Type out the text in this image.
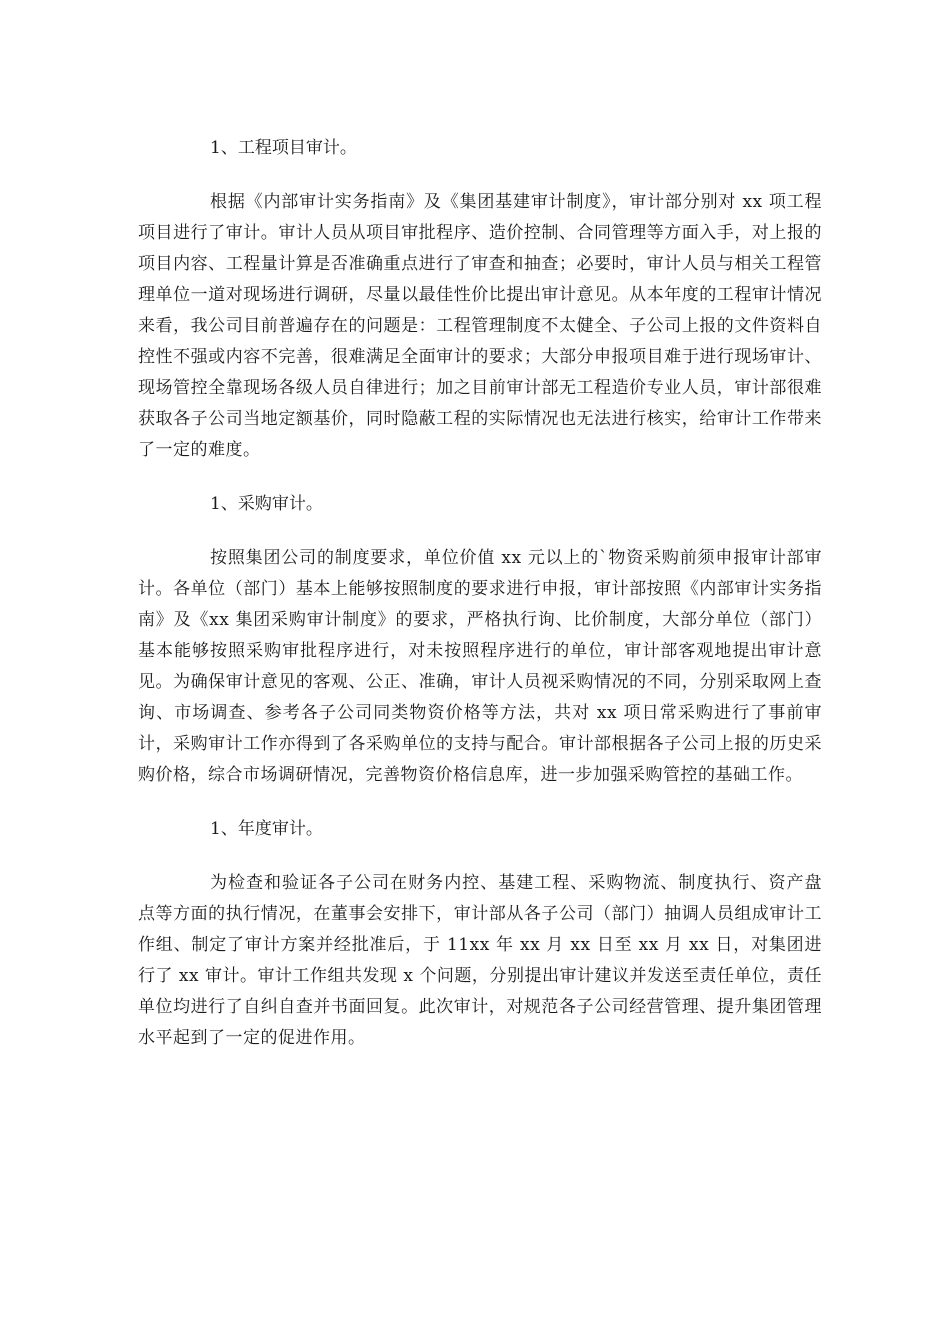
1、工程项目审计。

根据《内部审计实务指南》及《集团基建审计制度》，审计部分别对 xx 项工程项目进行了审计。审计人员从项目审批程序、造价控制、合同管理等方面入手，对上报的项目内容、工程量计算是否准确重点进行了审查和抽查；必要时，审计人员与相关工程管理单位一道对现场进行调研，尽量以最佳性价比提出审计意见。从本年度的工程审计情况来看，我公司目前普遍存在的问题是：工程管理制度不太健全、子公司上报的文件资料自控性不强或内容不完善，很难满足全面审计的要求；大部分申报项目难于进行现场审计、现场管控全靠现场各级人员自律进行；加之目前审计部无工程造价专业人员，审计部很难获取各子公司当地定额基价，同时隐蔽工程的实际情况也无法进行核实，给审计工作带来了一定的难度。

1、采购审计。

按照集团公司的制度要求，单位价值 xx 元以上的`物资采购前须申报审计部审计。各单位（部门）基本上能够按照制度的要求进行申报，审计部按照《内部审计实务指南》及《xx 集团采购审计制度》的要求，严格执行询、比价制度，大部分单位（部门）基本能够按照采购审批程序进行，对未按照程序进行的单位，审计部客观地提出审计意见。为确保审计意见的客观、公正、准确，审计人员视采购情况的不同，分别采取网上查询、市场调查、参考各子公司同类物资价格等方法，共对 xx 项日常采购进行了事前审计，采购审计工作亦得到了各采购单位的支持与配合。审计部根据各子公司上报的历史采购价格，综合市场调研情况，完善物资价格信息库，进一步加强采购管控的基础工作。

1、年度审计。

为检查和验证各子公司在财务内控、基建工程、采购物流、制度执行、资产盘点等方面的执行情况，在董事会安排下，审计部从各子公司（部门）抽调人员组成审计工作组、制定了审计方案并经批准后，于 11xx 年 xx 月 xx 日至 xx 月 xx 日，对集团进行了 xx 审计。审计工作组共发现 x 个问题，分别提出审计建议并发送至责任单位，责任单位均进行了自纠自查并书面回复。此次审计，对规范各子公司经营管理、提升集团管理水平起到了一定的促进作用。
